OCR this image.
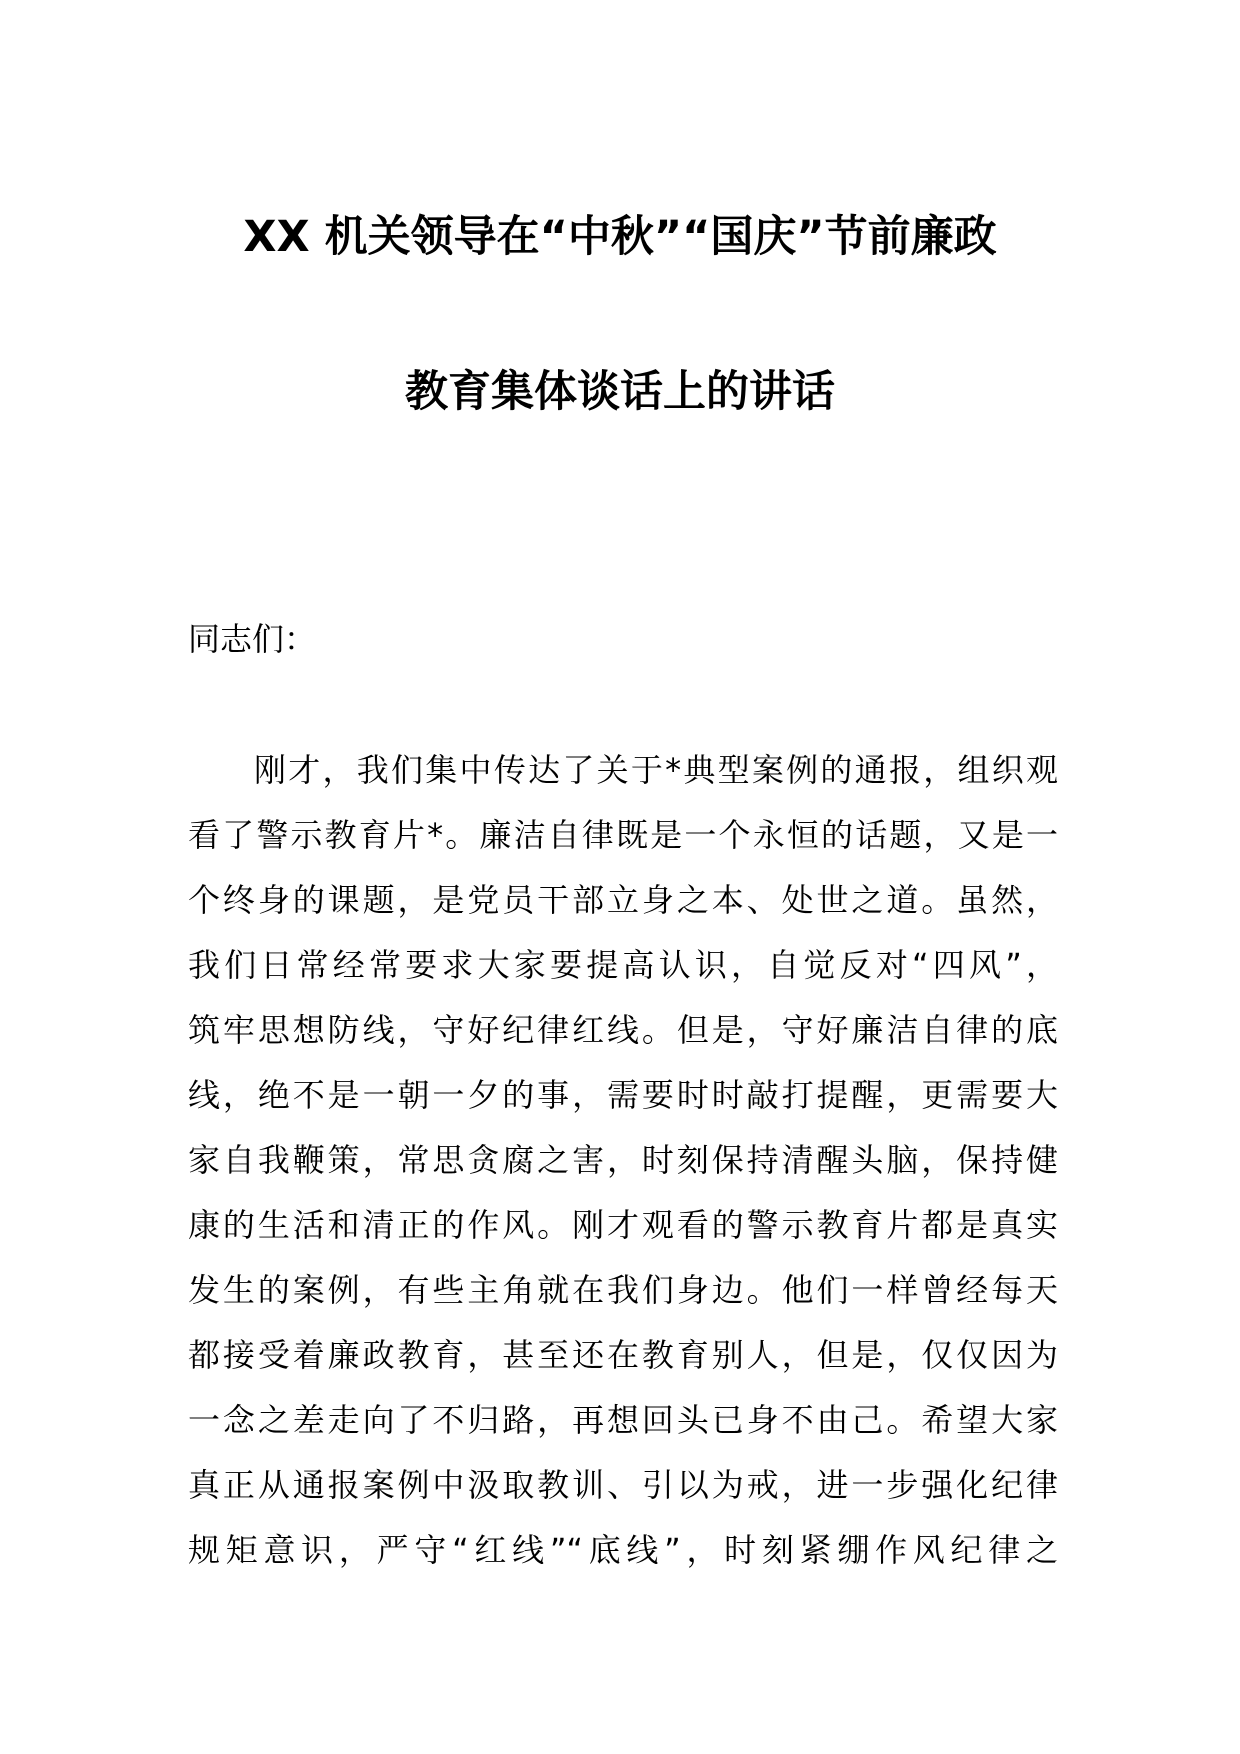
XX 机关领导在“中秋”“国庆”节前廉政
教育集体谈话上的讲话

同志们：

刚才，我们集中传达了关于*典型案例的通报，组织观
看了警示教育片*。廉洁自律既是一个永恒的话题，又是一
个终身的课题，是党员干部立身之本、处世之道。虽然，
我们日常经常要求大家要提高认识，自觉反对“四风”，
筑牢思想防线，守好纪律红线。但是，守好廉洁自律的底
线，绝不是一朝一夕的事，需要时时敲打提醒，更需要大
家自我鞭策，常思贪腐之害，时刻保持清醒头脑，保持健
康的生活和清正的作风。刚才观看的警示教育片都是真实
发生的案例，有些主角就在我们身边。他们一样曾经每天
都接受着廉政教育，甚至还在教育别人，但是，仅仅因为
一念之差走向了不归路，再想回头已身不由己。希望大家
真正从通报案例中汲取教训、引以为戒，进一步强化纪律
规矩意识，严守“红线”“底线”，时刻紧绷作风纪律之
